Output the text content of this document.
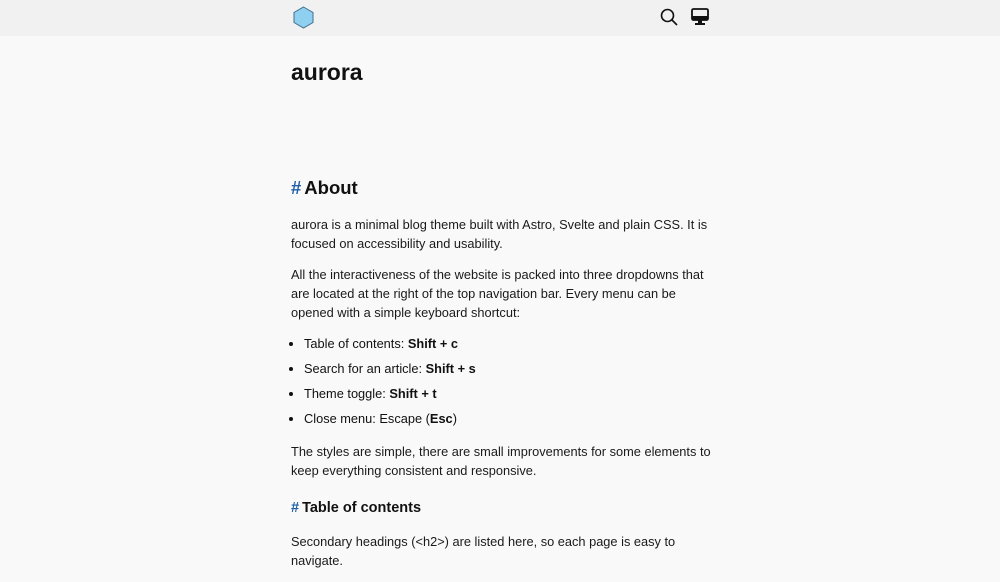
aurora
# About

aurora is a minimal blog theme built with Astro, Svelte and plain CSS. It is focused on accessibility and usability.

All the interactiveness of the website is packed into three dropdowns that are located at the right of the top navigation bar. Every menu can be opened with a simple keyboard shortcut:

• Table of contents: Shift + c
• Search for an article: Shift + s
• Theme toggle: Shift + t
• Close menu: Escape (Esc)

The styles are simple, there are small improvements for some elements to keep everything consistent and responsive.

# Table of contents

Secondary headings (<h2>) are listed here, so each page is easy to navigate.
